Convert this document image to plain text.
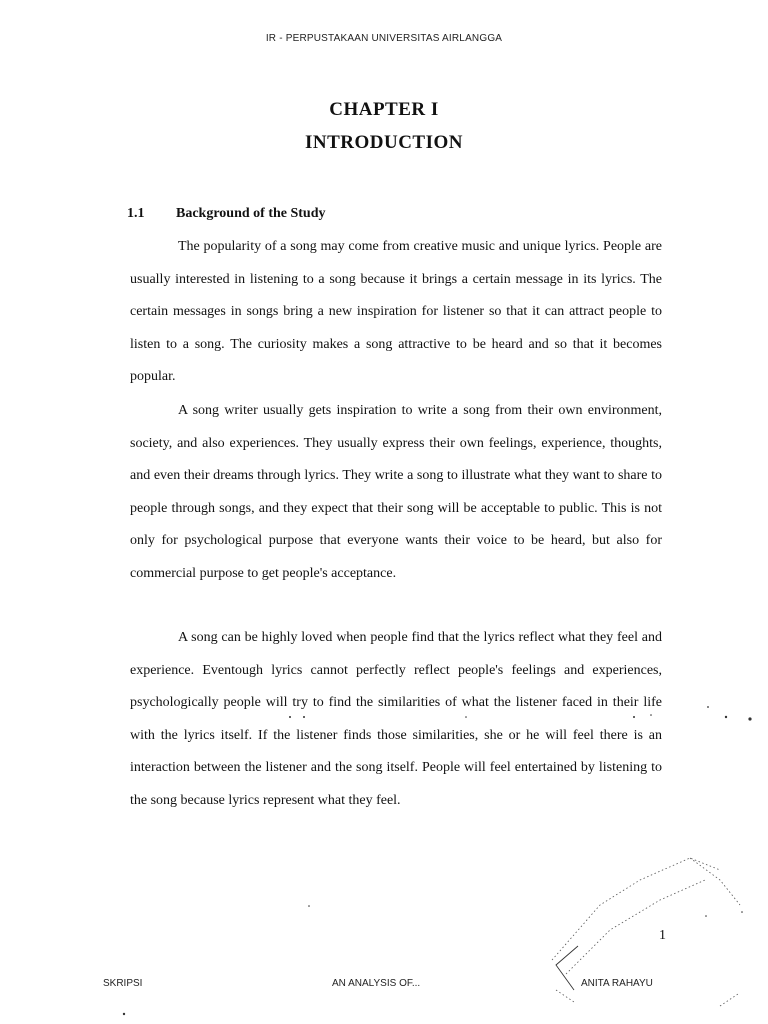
IR - PERPUSTAKAAN UNIVERSITAS AIRLANGGA
CHAPTER I
INTRODUCTION
1.1 Background of the Study

The popularity of a song may come from creative music and unique lyrics. People are usually interested in listening to a song because it brings a certain message in its lyrics. The certain messages in songs bring a new inspiration for listener so that it can attract people to listen to a song. The curiosity makes a song attractive to be heard and so that it becomes popular.

A song writer usually gets inspiration to write a song from their own environment, society, and also experiences. They usually express their own feelings, experience, thoughts, and even their dreams through lyrics. They write a song to illustrate what they want to share to people through songs, and they expect that their song will be acceptable to public. This is not only for psychological purpose that everyone wants their voice to be heard, but also for commercial purpose to get people's acceptance.

A song can be highly loved when people find that the lyrics reflect what they feel and experience. Eventough lyrics cannot perfectly reflect people's feelings and experiences, psychologically people will try to find the similarities of what the listener faced in their life with the lyrics itself. If the listener finds those similarities, she or he will feel there is an interaction between the listener and the song itself. People will feel entertained by listening to the song because lyrics represent what they feel.

1
SKRIPSI	AN ANALYSIS OF...	ANITA RAHAYU
